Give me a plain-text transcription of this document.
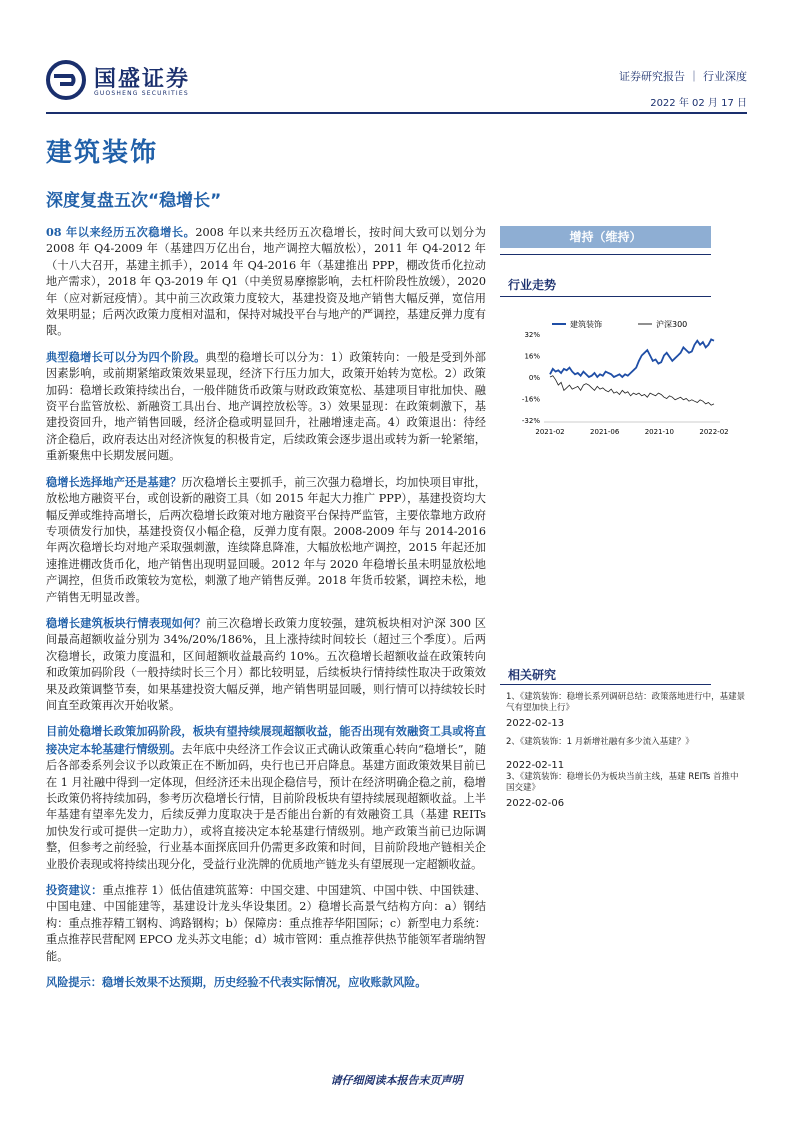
国盛证券
GUOSHENG SECURITIES
证券研究报告 ｜ 行业深度
2022 年 02 月 17 日
建筑装饰
深度复盘五次“稳增长”

08 年以来经历五次稳增长。2008 年以来共经历五次稳增长，按时间大致可以划分为 2008 年 Q4-2009 年（基建四万亿出台，地产调控大幅放松），2011 年 Q4-2012 年（十八大召开，基建主抓手），2014 年 Q4-2016 年（基建推出 PPP，棚改货币化拉动地产需求），2018 年 Q3-2019 年 Q1（中美贸易摩擦影响，去杠杆阶段性放缓），2020 年（应对新冠疫情）。其中前三次政策力度较大，基建投资及地产销售大幅反弹，宽信用效果明显；后两次政策力度相对温和，保持对城投平台与地产的严调控，基建反弹力度有限。

典型稳增长可以分为四个阶段。典型的稳增长可以分为：1）政策转向：一般是受到外部因素影响，或前期紧缩政策效果显现，经济下行压力加大，政策开始转为宽松。2）政策加码：稳增长政策持续出台，一般伴随货币政策与财政政策宽松、基建项目审批加快、融资平台监管放松、新融资工具出台、地产调控放松等。3）效果显现：在政策刺激下，基建投资回升，地产销售回暖，经济企稳或明显回升，社融增速走高。4）政策退出：待经济企稳后，政府表达出对经济恢复的积极肯定，后续政策会逐步退出或转为新一轮紧缩，重新聚焦中长期发展问题。

稳增长选择地产还是基建？历次稳增长主要抓手，前三次强力稳增长，均加快项目审批，放松地方融资平台，或创设新的融资工具（如 2015 年起大力推广 PPP），基建投资均大幅反弹或维持高增长，后两次稳增长政策对地方融资平台保持严监管，主要依靠地方政府专项债发行加快，基建投资仅小幅企稳，反弹力度有限。2008-2009 年与 2014-2016 年两次稳增长均对地产采取强刺激，连续降息降准，大幅放松地产调控，2015 年起还加速推进棚改货币化，地产销售出现明显回暖。2012 年与 2020 年稳增长虽未明显放松地产调控，但货币政策较为宽松，刺激了地产销售反弹。2018 年货币较紧，调控未松，地产销售无明显改善。

稳增长建筑板块行情表现如何？前三次稳增长政策力度较强，建筑板块相对沪深 300 区间最高超额收益分别为 34%/20%/186%，且上涨持续时间较长（超过三个季度）。后两次稳增长，政策力度温和，区间超额收益最高约 10%。五次稳增长超额收益在政策转向和政策加码阶段（一般持续时长三个月）都比较明显，后续板块行情持续性取决于政策效果及政策调整节奏，如果基建投资大幅反弹，地产销售明显回暖，则行情可以持续较长时间直至政策再次开始收紧。

目前处稳增长政策加码阶段，板块有望持续展现超额收益，能否出现有效融资工具或将直接决定本轮基建行情级别。去年底中央经济工作会议正式确认政策重心转向“稳增长”，随后各部委系列会议予以政策正在不断加码，央行也已开启降息。基建方面政策效果目前已在 1 月社融中得到一定体现，但经济还未出现企稳信号，预计在经济明确企稳之前，稳增长政策仍将持续加码，参考历次稳增长行情，目前阶段板块有望持续展现超额收益。上半年基建有望率先发力，后续反弹力度取决于是否能出台新的有效融资工具（基建 REITs 加快发行或可提供一定助力），或将直接决定本轮基建行情级别。地产政策当前已边际调整，但参考之前经验，行业基本面探底回升仍需更多政策和时间，目前阶段地产链相关企业股价表现或将持续出现分化，受益行业洗牌的优质地产链龙头有望展现一定超额收益。

投资建议：重点推荐 1）低估值建筑蓝筹：中国交建、中国建筑、中国中铁、中国铁建、中国电建、中国能建等，基建设计龙头华设集团。2）稳增长高景气结构方向：a）钢结构：重点推荐精工钢构、鸿路钢构；b）保障房：重点推荐华阳国际；c）新型电力系统：重点推荐民营配网 EPCO 龙头苏文电能；d）城市管网：重点推荐供热节能领军者瑞纳智能。

风险提示：稳增长效果不达预期，历史经验不代表实际情况，应收账款风险。

增持（维持）
行业走势
32%
16%
0%
-16%
-32%
2021-02	2021-06	2021-10	2022-02
建筑装饰	沪深300
相关研究
1、《建筑装饰：稳增长系列调研总结：政策落地进行中，基建景气有望加快上行》
2022-02-13
2、《建筑装饰：1 月新增社融有多少流入基建？》
2022-02-11
3、《建筑装饰：稳增长仍为板块当前主线，基建 REITs 首推中国交建》
2022-02-06
请仔细阅读本报告末页声明
